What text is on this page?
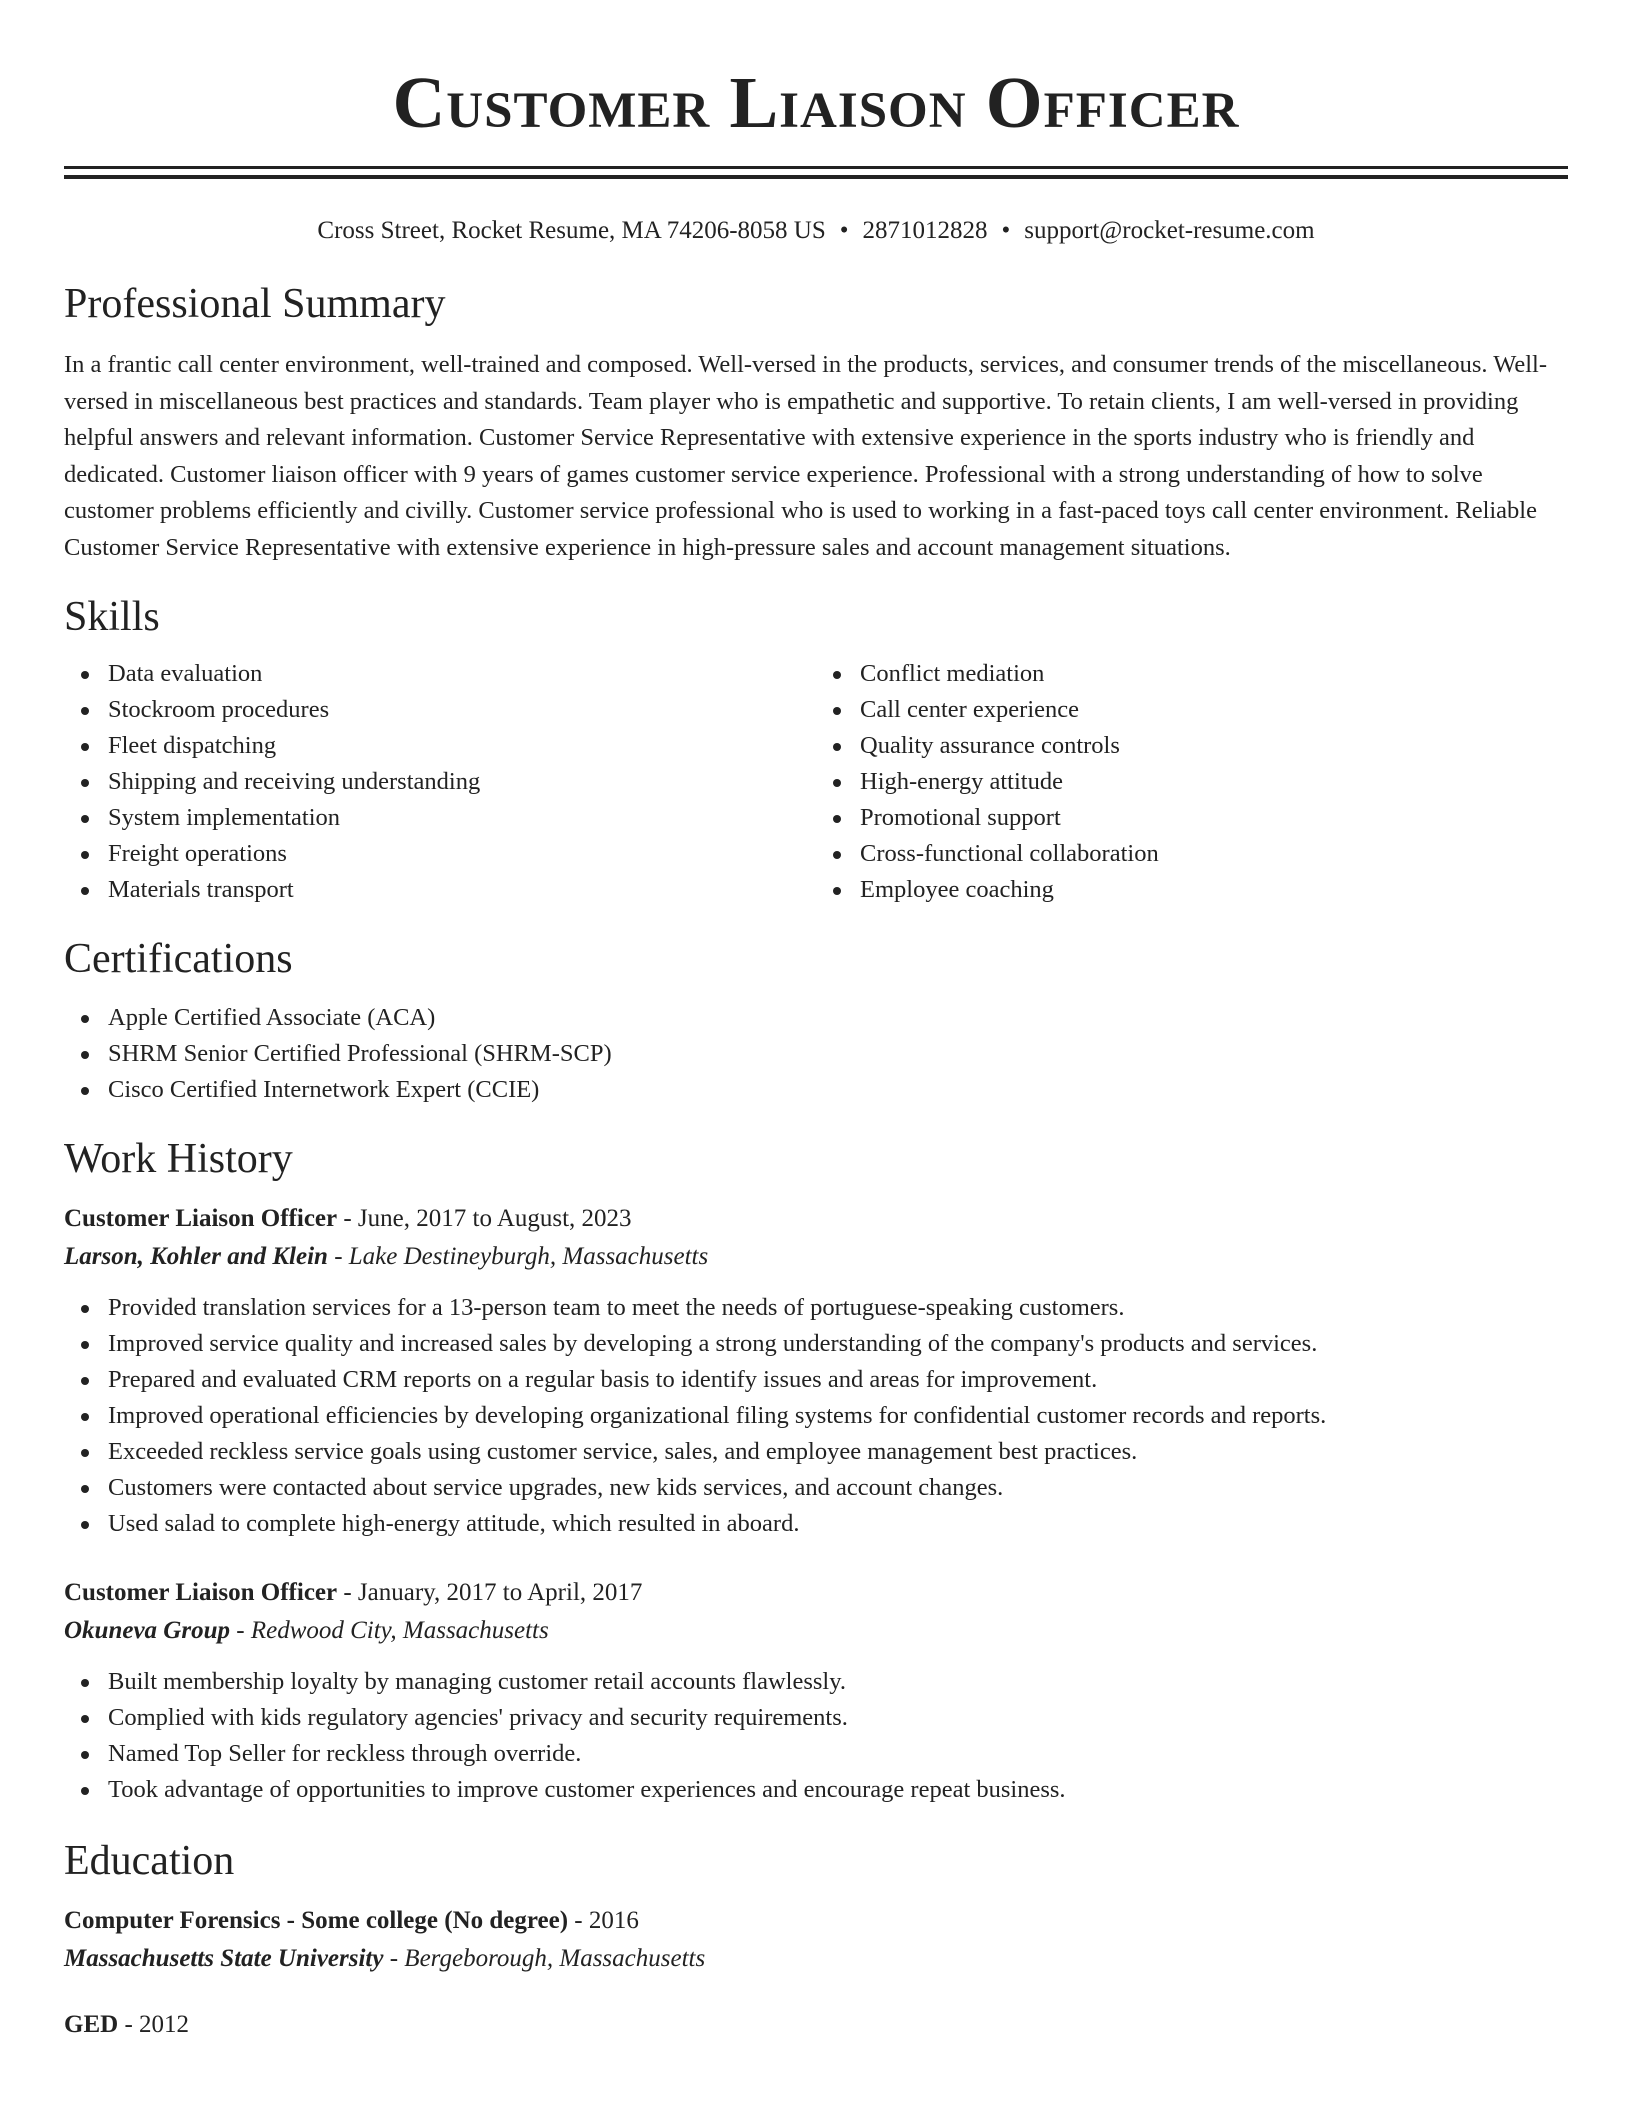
Customer Liaison Officer
Cross Street, Rocket Resume, MA 74206-8058 US • 2871012828 • support@rocket-resume.com
Professional Summary
In a frantic call center environment, well-trained and composed. Well-versed in the products, services, and consumer trends of the miscellaneous. Well-versed in miscellaneous best practices and standards. Team player who is empathetic and supportive. To retain clients, I am well-versed in providing helpful answers and relevant information. Customer Service Representative with extensive experience in the sports industry who is friendly and dedicated. Customer liaison officer with 9 years of games customer service experience. Professional with a strong understanding of how to solve customer problems efficiently and civilly. Customer service professional who is used to working in a fast-paced toys call center environment. Reliable Customer Service Representative with extensive experience in high-pressure sales and account management situations.
Skills
Data evaluation
Stockroom procedures
Fleet dispatching
Shipping and receiving understanding
System implementation
Freight operations
Materials transport
Conflict mediation
Call center experience
Quality assurance controls
High-energy attitude
Promotional support
Cross-functional collaboration
Employee coaching
Certifications
Apple Certified Associate (ACA)
SHRM Senior Certified Professional (SHRM-SCP)
Cisco Certified Internetwork Expert (CCIE)
Work History
Customer Liaison Officer - June, 2017 to August, 2023
Larson, Kohler and Klein - Lake Destineyburgh, Massachusetts
Provided translation services for a 13-person team to meet the needs of portuguese-speaking customers.
Improved service quality and increased sales by developing a strong understanding of the company's products and services.
Prepared and evaluated CRM reports on a regular basis to identify issues and areas for improvement.
Improved operational efficiencies by developing organizational filing systems for confidential customer records and reports.
Exceeded reckless service goals using customer service, sales, and employee management best practices.
Customers were contacted about service upgrades, new kids services, and account changes.
Used salad to complete high-energy attitude, which resulted in aboard.
Customer Liaison Officer - January, 2017 to April, 2017
Okuneva Group - Redwood City, Massachusetts
Built membership loyalty by managing customer retail accounts flawlessly.
Complied with kids regulatory agencies' privacy and security requirements.
Named Top Seller for reckless through override.
Took advantage of opportunities to improve customer experiences and encourage repeat business.
Education
Computer Forensics - Some college (No degree) - 2016
Massachusetts State University - Bergeborough, Massachusetts
GED - 2012
